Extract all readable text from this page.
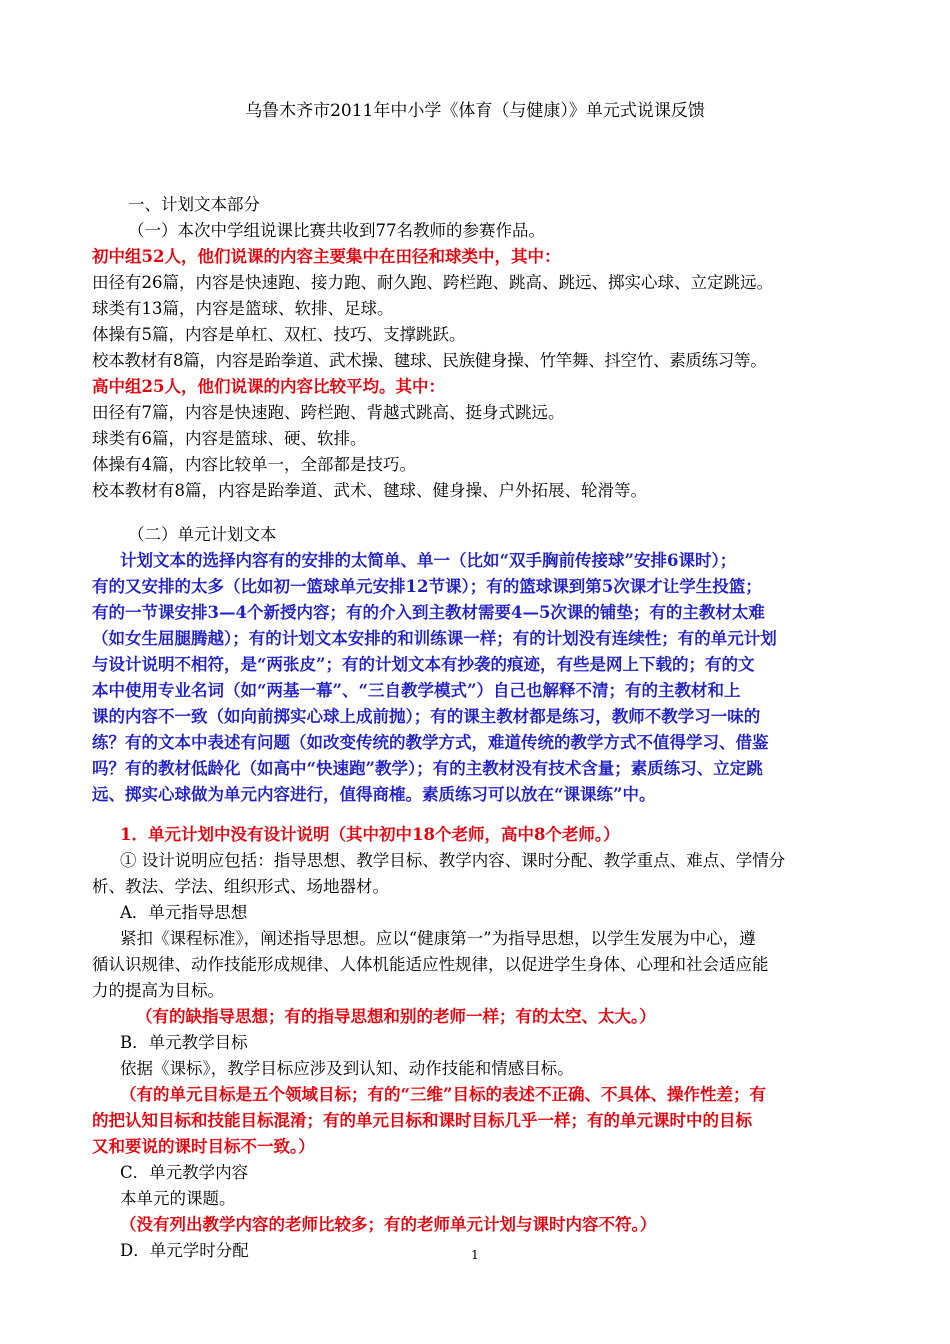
乌鲁木齐市2011年中小学《体育（与健康）》单元式说课反馈
一、计划文本部分
（一）本次中学组说课比赛共收到77名教师的参赛作品。
初中组52人，他们说课的内容主要集中在田径和球类中，其中：
田径有26篇，内容是快速跑、接力跑、耐久跑、跨栏跑、跳高、跳远、掷实心球、立定跳远。
球类有13篇，内容是篮球、软排、足球。
体操有5篇，内容是单杠、双杠、技巧、支撑跳跃。
校本教材有8篇，内容是跆拳道、武术操、毽球、民族健身操、竹竿舞、抖空竹、素质练习等。
高中组25人，他们说课的内容比较平均。其中：
田径有7篇，内容是快速跑、跨栏跑、背越式跳高、挺身式跳远。
球类有6篇，内容是篮球、硬、软排。
体操有4篇，内容比较单一，全部都是技巧。
校本教材有8篇，内容是跆拳道、武术、毽球、健身操、户外拓展、轮滑等。
（二）单元计划文本
计划文本的选择内容有的安排的太简单、单一（比如“双手胸前传接球”安排6课时）；
有的又安排的太多（比如初一篮球单元安排12节课）；有的篮球课到第5次课才让学生投篮；
有的一节课安排3—4个新授内容；有的介入到主教材需要4—5次课的铺垫；有的主教材太难
（如女生屈腿腾越）；有的计划文本安排的和训练课一样；有的计划没有连续性；有的单元计划
与设计说明不相符，是“两张皮”；有的计划文本有抄袭的痕迹，有些是网上下载的；有的文
本中使用专业名词（如“两基一幕”、“三自教学模式”）自己也解释不清；有的主教材和上
课的内容不一致（如向前掷实心球上成前抛）；有的课主教材都是练习，教师不教学习一味的
练？有的文本中表述有问题（如改变传统的教学方式，难道传统的教学方式不值得学习、借鉴
吗？有的教材低龄化（如高中“快速跑”教学）；有的主教材没有技术含量；素质练习、立定跳
远、掷实心球做为单元内容进行，值得商榷。素质练习可以放在“课课练”中。
1．单元计划中没有设计说明（其中初中18个老师，高中8个老师。）
① 设计说明应包括：指导思想、教学目标、教学内容、课时分配、教学重点、难点、学情分
析、教法、学法、组织形式、场地器材。
A．单元指导思想
紧扣《课程标准》，阐述指导思想。应以“健康第一”为指导思想，以学生发展为中心，遵
循认识规律、动作技能形成规律、人体机能适应性规律，以促进学生身体、心理和社会适应能
力的提高为目标。
（有的缺指导思想；有的指导思想和别的老师一样；有的太空、太大。）
B．单元教学目标
依据《课标》，教学目标应涉及到认知、动作技能和情感目标。
（有的单元目标是五个领域目标；有的“三维”目标的表述不正确、不具体、操作性差；有
的把认知目标和技能目标混淆；有的单元目标和课时目标几乎一样；有的单元课时中的目标
又和要说的课时目标不一致。）
C．单元教学内容
本单元的课题。
（没有列出教学内容的老师比较多；有的老师单元计划与课时内容不符。）
D．单元学时分配	1
